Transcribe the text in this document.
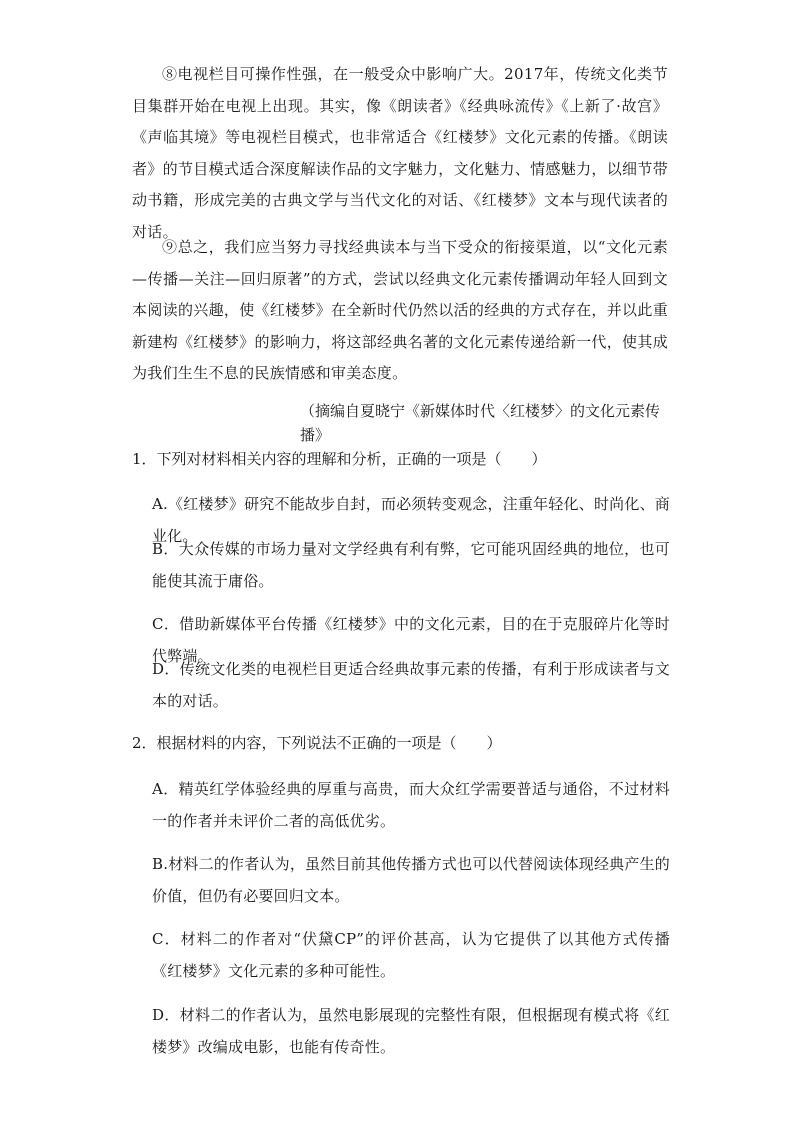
⑧电视栏目可操作性强，在一般受众中影响广大。2017年，传统文化类节目集群开始在电视上出现。其实，像《朗读者》《经典咏流传》《上新了·故宫》《声临其境》等电视栏目模式，也非常适合《红楼梦》文化元素的传播。《朗读者》的节目模式适合深度解读作品的文字魅力，文化魅力、情感魅力，以细节带动书籍，形成完美的古典文学与当代文化的对话、《红楼梦》文本与现代读者的对话。

⑨总之，我们应当努力寻找经典读本与当下受众的衔接渠道，以“文化元素—传播—关注—回归原著”的方式，尝试以经典文化元素传播调动年轻人回到文本阅读的兴趣，使《红楼梦》在全新时代仍然以活的经典的方式存在，并以此重新建构《红楼梦》的影响力，将这部经典名著的文化元素传递给新一代，使其成为我们生生不息的民族情感和审美态度。

（摘编自夏晓宁《新媒体时代〈红楼梦〉的文化元素传播》

1．下列对材料相关内容的理解和分析，正确的一项是（　　）

A.《红楼梦》研究不能故步自封，而必须转变观念，注重年轻化、时尚化、商业化。

B．大众传媒的市场力量对文学经典有利有弊，它可能巩固经典的地位，也可能使其流于庸俗。

C．借助新媒体平台传播《红楼梦》中的文化元素，目的在于克服碎片化等时代弊端。

D．传统文化类的电视栏目更适合经典故事元素的传播，有利于形成读者与文本的对话。

2．根据材料的内容，下列说法不正确的一项是（　　）

A．精英红学体验经典的厚重与高贵，而大众红学需要普适与通俗，不过材料一的作者并未评价二者的高低优劣。

B.材料二的作者认为，虽然目前其他传播方式也可以代替阅读体现经典产生的价值，但仍有必要回归文本。

C．材料二的作者对“伏黛CP”的评价甚高，认为它提供了以其他方式传播《红楼梦》文化元素的多种可能性。

D．材料二的作者认为，虽然电影展现的完整性有限，但根据现有模式将《红楼梦》改编成电影，也能有传奇性。
